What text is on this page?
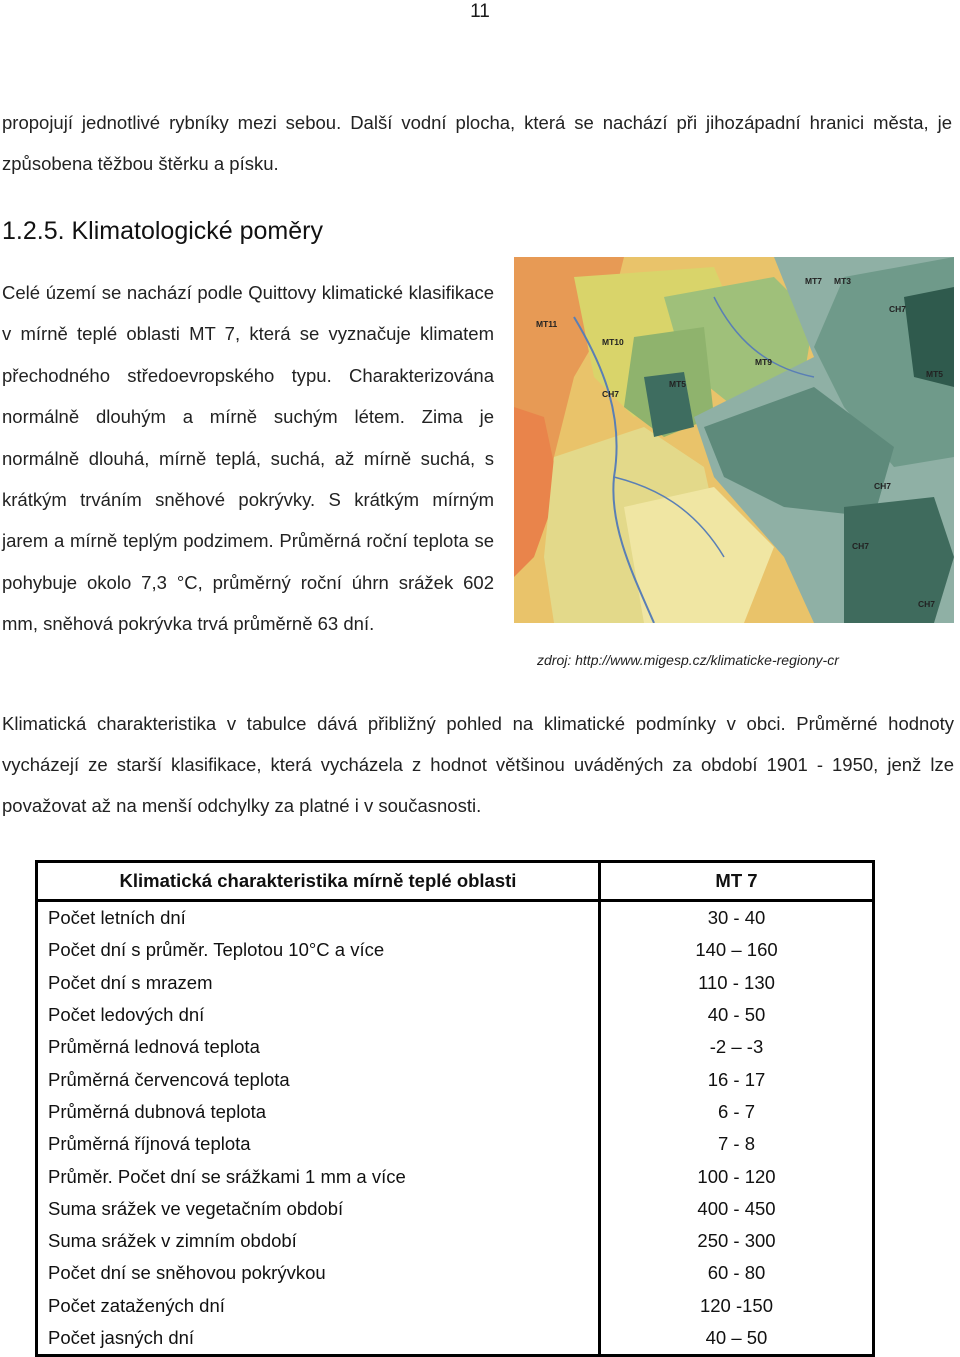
11
propojují jednotlivé rybníky mezi sebou. Další vodní plocha, která se nachází při jihozápadní hranici města, je způsobena těžbou štěrku a písku.
1.2.5. Klimatologické poměry
Celé území se nachází podle Quittovy klimatické klasifikace v mírně teplé oblasti MT 7, která se vyznačuje klimatem přechodného středoevropského typu. Charakterizována normálně dlouhým a mírně suchým létem. Zima je normálně dlouhá, mírně teplá, suchá, až mírně suchá, s krátkým trváním sněhové pokrývky. S krátkým mírným jarem a mírně teplým podzimem. Průměrná roční teplota se pohybuje okolo 7,3 °C, průměrný roční úhrn srážek 602 mm, sněhová pokrývka trvá průměrně 63 dní.
MT11
MT10
MT5
CH7
MT9
MT7 MT3
CH7
CH7
CH7
CH7
MT5
zdroj: http://www.migesp.cz/klimaticke-regiony-cr
Klimatická charakteristika v tabulce dává přibližný pohled na klimatické podmínky v obci. Průměrné hodnoty vycházejí ze starší klasifikace, která vycházela z hodnot většinou uváděných za období 1901 - 1950, jenž lze považovat až na menší odchylky za platné i v současnosti.
Klimatická charakteristika mírně teplé oblasti	MT 7
Počet letních dní	30 - 40
Počet dní s průměr. Teplotou 10°C a více	140 – 160
Počet dní s mrazem	110 - 130
Počet ledových dní	40 - 50
Průměrná lednová teplota	-2 – -3
Průměrná červencová teplota	16 - 17
Průměrná dubnová teplota	6 - 7
Průměrná říjnová teplota	7 - 8
Průměr. Počet dní se srážkami 1 mm a více	100 - 120
Suma srážek ve vegetačním období	400 - 450
Suma srážek v zimním období	250 - 300
Počet dní se sněhovou pokrývkou	60 - 80
Počet zatažených dní	120 -150
Počet jasných dní	40 – 50
